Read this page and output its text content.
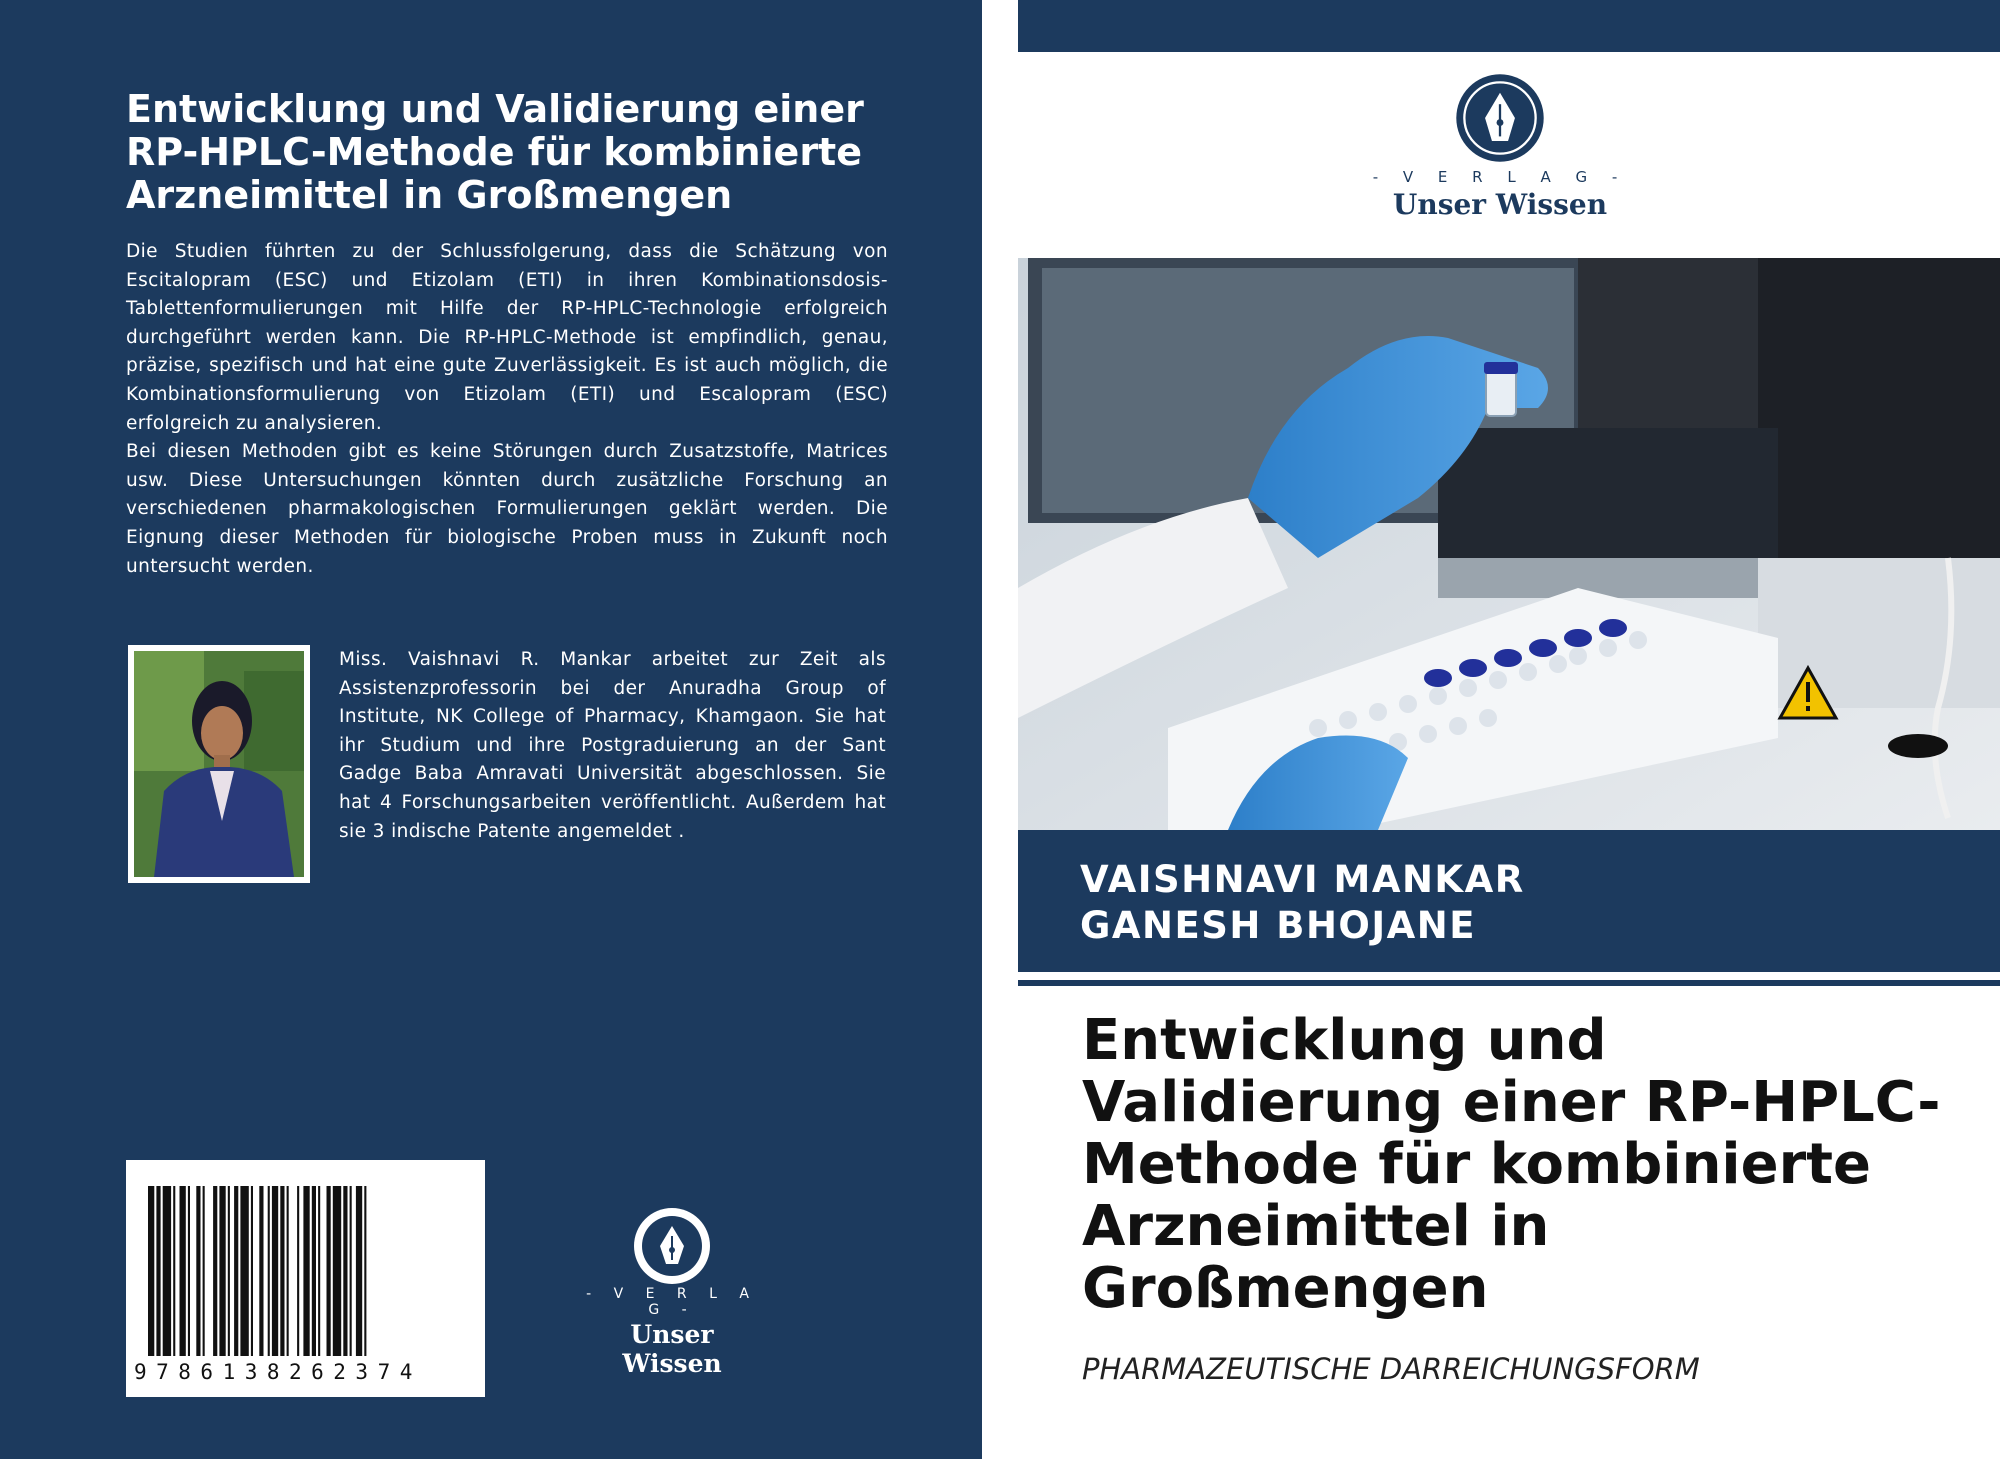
Entwicklung und Validierung einer RP-HPLC-Methode für kombinierte Arzneimittel in Großmengen

Die Studien führten zu der Schlussfolgerung, dass die Schätzung von Escitalopram (ESC) und Etizolam (ETI) in ihren Kombinationsdosis-Tablettenformulierungen mit Hilfe der RP-HPLC-Technologie erfolgreich durchgeführt werden kann. Die RP-HPLC-Methode ist empfindlich, genau, präzise, spezifisch und hat eine gute Zuverlässigkeit. Es ist auch möglich, die Kombinationsformulierung von Etizolam (ETI) und Escalopram (ESC) erfolgreich zu analysieren.

Bei diesen Methoden gibt es keine Störungen durch Zusatzstoffe, Matrices usw. Diese Untersuchungen könnten durch zusätzliche Forschung an verschiedenen pharmakologischen Formulierungen geklärt werden. Die Eignung dieser Methoden für biologische Proben muss in Zukunft noch untersucht werden.

Miss. Vaishnavi R. Mankar arbeitet zur Zeit als Assistenzprofessorin bei der Anuradha Group of Institute, NK College of Pharmacy, Khamgaon. Sie hat ihr Studium und ihre Postgraduierung an der Sant Gadge Baba Amravati Universität abgeschlossen. Sie hat 4 Forschungsarbeiten veröffentlicht. Außerdem hat sie 3 indische Patente angemeldet .
9786138262374
- V E R L A G -
Unser Wissen
- V E R L A G -
Unser Wissen
VAISHNAVI MANKAR
GANESH BHOJANE
Entwicklung und Validierung einer RP-HPLC-Methode für kombinierte Arzneimittel in Großmengen
PHARMAZEUTISCHE DARREICHUNGSFORM
